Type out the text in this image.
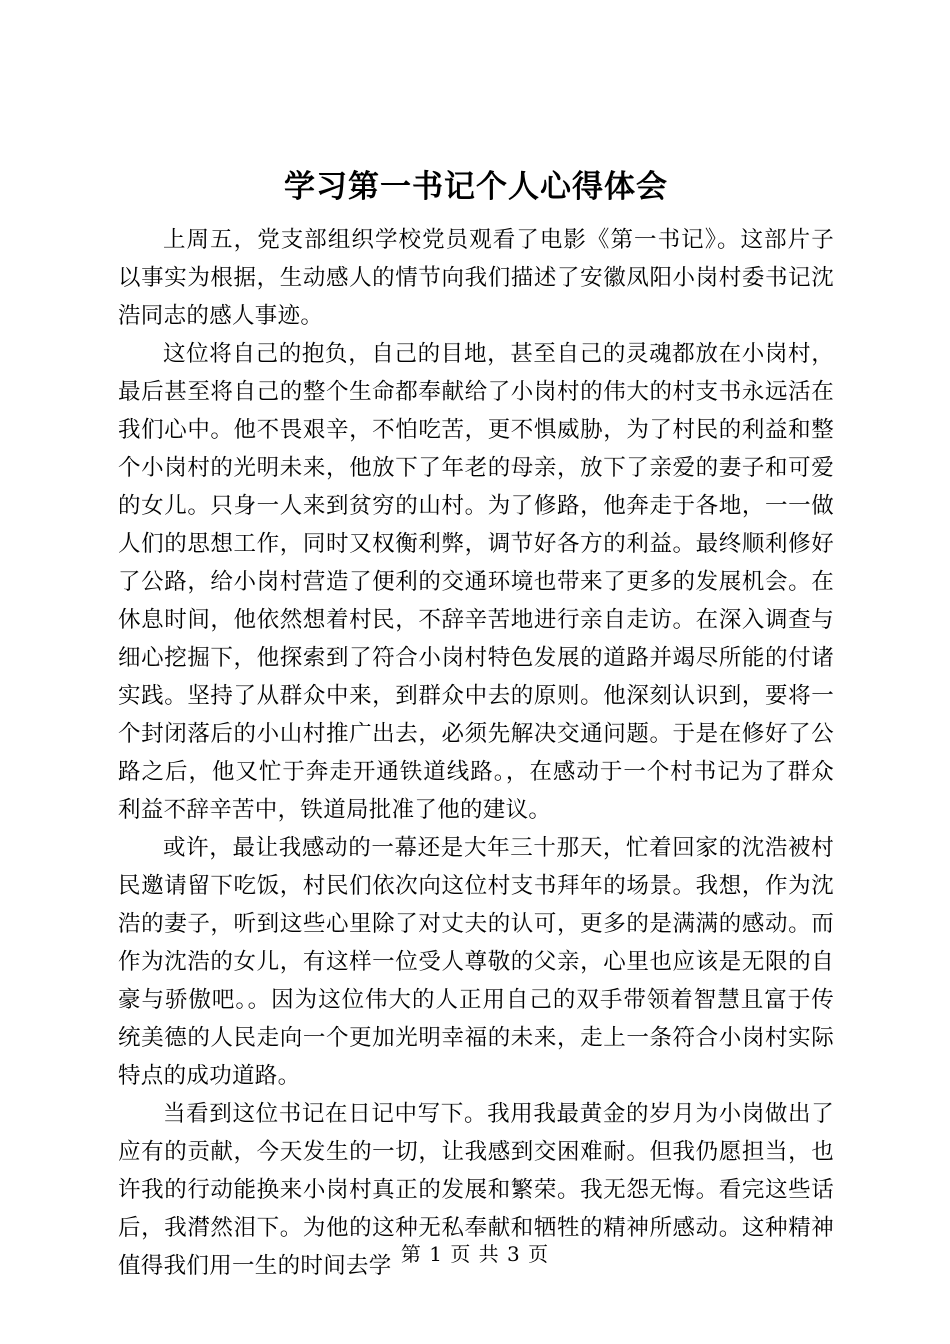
学习第一书记个人心得体会

上周五，党支部组织学校党员观看了电影《第一书记》。这部片子以事实为根据，生动感人的情节向我们描述了安徽凤阳小岗村委书记沈浩同志的感人事迹。

这位将自己的抱负，自己的目地，甚至自己的灵魂都放在小岗村，最后甚至将自己的整个生命都奉献给了小岗村的伟大的村支书永远活在我们心中。他不畏艰辛，不怕吃苦，更不惧威胁，为了村民的利益和整个小岗村的光明未来，他放下了年老的母亲，放下了亲爱的妻子和可爱的女儿。只身一人来到贫穷的山村。为了修路，他奔走于各地，一一做人们的思想工作，同时又权衡利弊，调节好各方的利益。最终顺利修好了公路，给小岗村营造了便利的交通环境也带来了更多的发展机会。在休息时间，他依然想着村民，不辞辛苦地进行亲自走访。在深入调查与细心挖掘下，他探索到了符合小岗村特色发展的道路并竭尽所能的付诸实践。坚持了从群众中来，到群众中去的原则。他深刻认识到，要将一个封闭落后的小山村推广出去，必须先解决交通问题。于是在修好了公路之后，他又忙于奔走开通铁道线路。，在感动于一个村书记为了群众利益不辞辛苦中，铁道局批准了他的建议。

或许，最让我感动的一幕还是大年三十那天，忙着回家的沈浩被村民邀请留下吃饭，村民们依次向这位村支书拜年的场景。我想，作为沈浩的妻子，听到这些心里除了对丈夫的认可，更多的是满满的感动。而作为沈浩的女儿，有这样一位受人尊敬的父亲，心里也应该是无限的自豪与骄傲吧。。因为这位伟大的人正用自己的双手带领着智慧且富于传统美德的人民走向一个更加光明幸福的未来，走上一条符合小岗村实际特点的成功道路。

当看到这位书记在日记中写下。我用我最黄金的岁月为小岗做出了应有的贡献，今天发生的一切，让我感到交困难耐。但我仍愿担当，也许我的行动能换来小岗村真正的发展和繁荣。我无怨无悔。看完这些话后，我潸然泪下。为他的这种无私奉献和牺牲的精神所感动。这种精神值得我们用一生的时间去学 第 1 页 共 3 页
